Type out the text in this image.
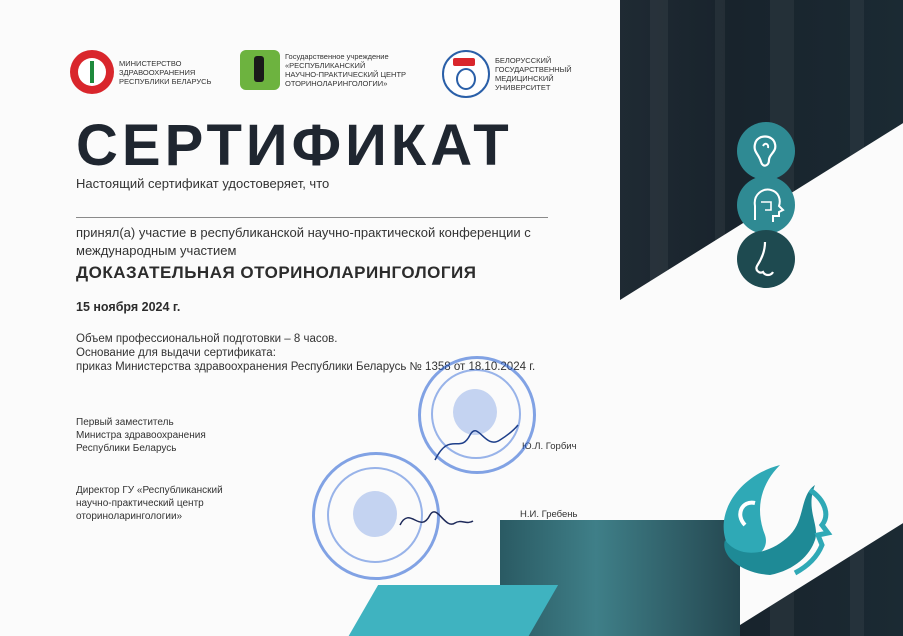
МИНИСТЕРСТВО
ЗДРАВООХРАНЕНИЯ
РЕСПУБЛИКИ БЕЛАРУСЬ
Государственное учреждение
«РЕСПУБЛИКАНСКИЙ
НАУЧНО-ПРАКТИЧЕСКИЙ ЦЕНТР
ОТОРИНОЛАРИНГОЛОГИИ»
БЕЛОРУССКИЙ
ГОСУДАРСТВЕННЫЙ
МЕДИЦИНСКИЙ
УНИВЕРСИТЕТ
СЕРТИФИКАТ
Настоящий сертификат удостоверяет, что
принял(а) участие в республиканской научно-практической конференции с международным участием
ДОКАЗАТЕЛЬНАЯ ОТОРИНОЛАРИНГОЛОГИЯ
15 ноября 2024 г.
Объем профессиональной подготовки – 8 часов.
Основание для выдачи сертификата:
приказ Министерства здравоохранения Республики Беларусь № 1358 от 18.10.2024 г.
Первый заместитель
Министра здравоохранения
Республики Беларусь	Ю.Л. Горбич
Директор ГУ «Республиканский
научно-практический центр
оториноларингологии»	Н.И. Гребень
